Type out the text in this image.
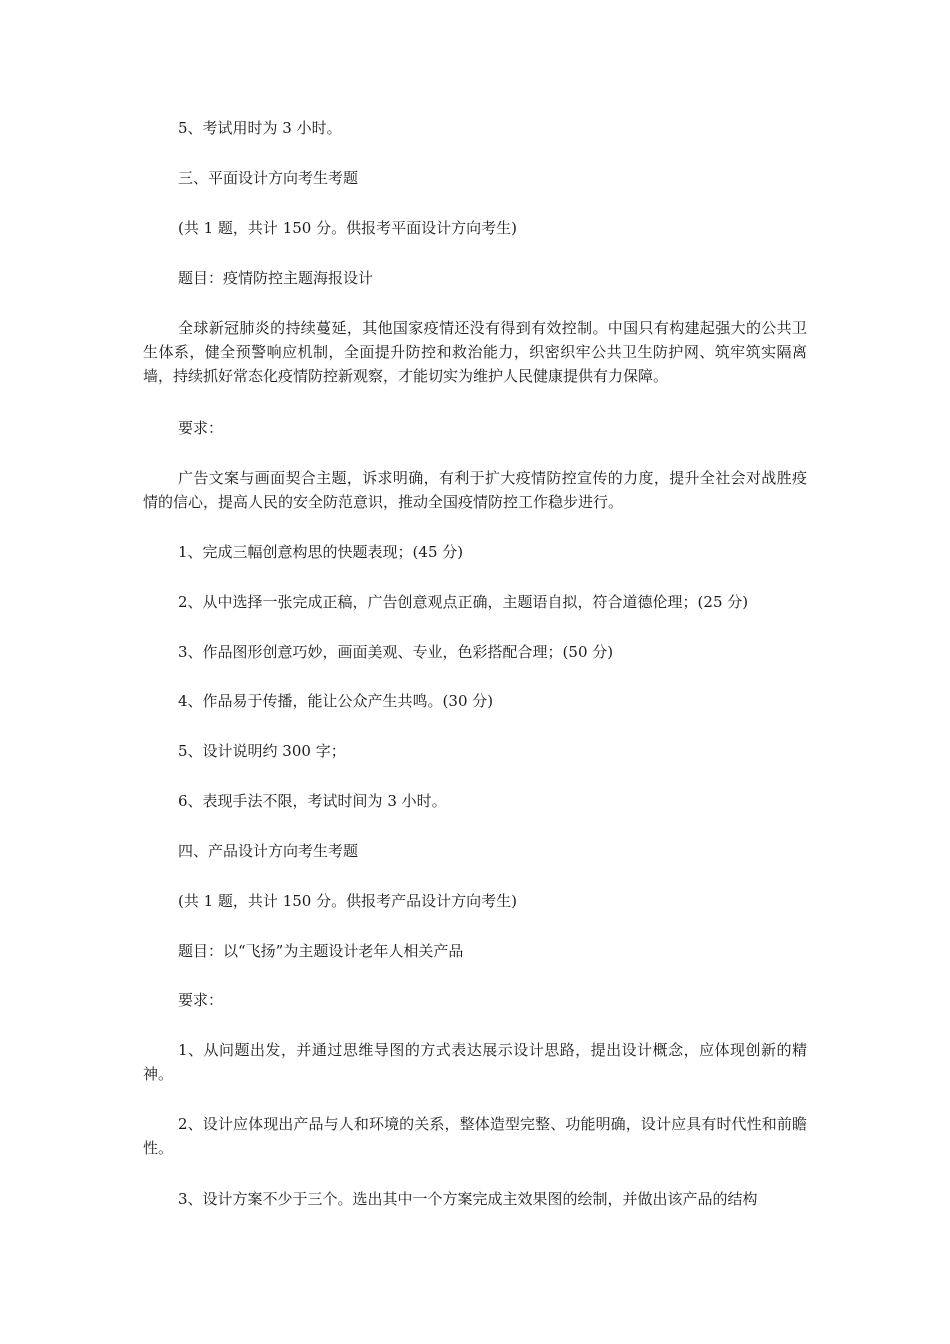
5、考试用时为 3 小时。

三、平面设计方向考生考题

(共 1 题，共计 150 分。供报考平面设计方向考生)

题目：疫情防控主题海报设计

全球新冠肺炎的持续蔓延，其他国家疫情还没有得到有效控制。中国只有构建起强大的公共卫生体系，健全预警响应机制，全面提升防控和救治能力，织密织牢公共卫生防护网、筑牢筑实隔离墙，持续抓好常态化疫情防控新观察，才能切实为维护人民健康提供有力保障。

要求：

广告文案与画面契合主题，诉求明确，有利于扩大疫情防控宣传的力度，提升全社会对战胜疫情的信心，提高人民的安全防范意识，推动全国疫情防控工作稳步进行。

1、完成三幅创意构思的快题表现；(45 分)

2、从中选择一张完成正稿，广告创意观点正确，主题语自拟，符合道德伦理；(25 分)

3、作品图形创意巧妙，画面美观、专业，色彩搭配合理；(50 分)

4、作品易于传播，能让公众产生共鸣。(30 分)

5、设计说明约 300 字；

6、表现手法不限，考试时间为 3 小时。

四、产品设计方向考生考题

(共 1 题，共计 150 分。供报考产品设计方向考生)

题目：以“飞扬”为主题设计老年人相关产品

要求：

1、从问题出发，并通过思维导图的方式表达展示设计思路，提出设计概念，应体现创新的精神。

2、设计应体现出产品与人和环境的关系，整体造型完整、功能明确，设计应具有时代性和前瞻性。

3、设计方案不少于三个。选出其中一个方案完成主效果图的绘制，并做出该产品的结构
